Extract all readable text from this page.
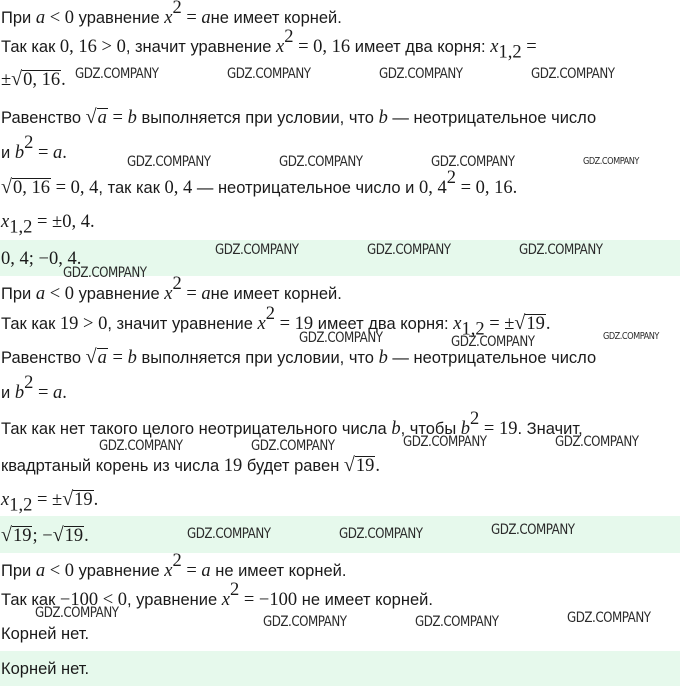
При a < 0 уравнение $x^2$ = aне имеет корней.
Так как 0, 16 > 0, значит уравнение $x^2 = 0$, 16 имеет два корня: $x_{1,2}$ =
±√0, 16.
Равенство √a = b выполняется при условии, что b — неотрицательное число
и $b^2 = a$.
√0, 16 = 0, 4, так как 0, 4 — неотрицательное число и 0, $4^2 = 0$, 16.
$x_{1,2} = \pm 0$, 4.
0, 4; −0, 4.
При a < 0 уравнение $x^2$ = aне имеет корней.
Так как 19 > 0, значит уравнение $x^2 = 19$ имеет два корня: $x_{1,2} = \pm√19$.
Равенство √a = b выполняется при условии, что b — неотрицательное число
и $b^2 = a$.
Так как нет такого целого неотрицательного числа b, чтобы $b^2 = 19$. Значит,
квадртаный корень из числа 19 будет равен √19.
$x_{1,2} = \pm√19$.
√19; −√19.
При a < 0 уравнение $x^2 = a$ не имеет корней.
Так как −100 < 0, уравнение $x^2 = -100$ не имеет корней.
Корней нет.
Корней нет.
GDZ.COMPANY	GDZ.COMPANY	GDZ.COMPANY	GDZ.COMPANY
GDZ.COMPANY	GDZ.COMPANY	GDZ.COMPANY	GDZ.COMPANY
GDZ.COMPANY	GDZ.COMPANY	GDZ.COMPANY
GDZ.COMPANY
GDZ.COMPANY	GDZ.COMPANY	GDZ.COMPANY
GDZ.COMPANY	GDZ.COMPANY	GDZ.COMPANY	GDZ.COMPANY
GDZ.COMPANY	GDZ.COMPANY	GDZ.COMPANY
GDZ.COMPANY
GDZ.COMPANY	GDZ.COMPANY	GDZ.COMPANY
